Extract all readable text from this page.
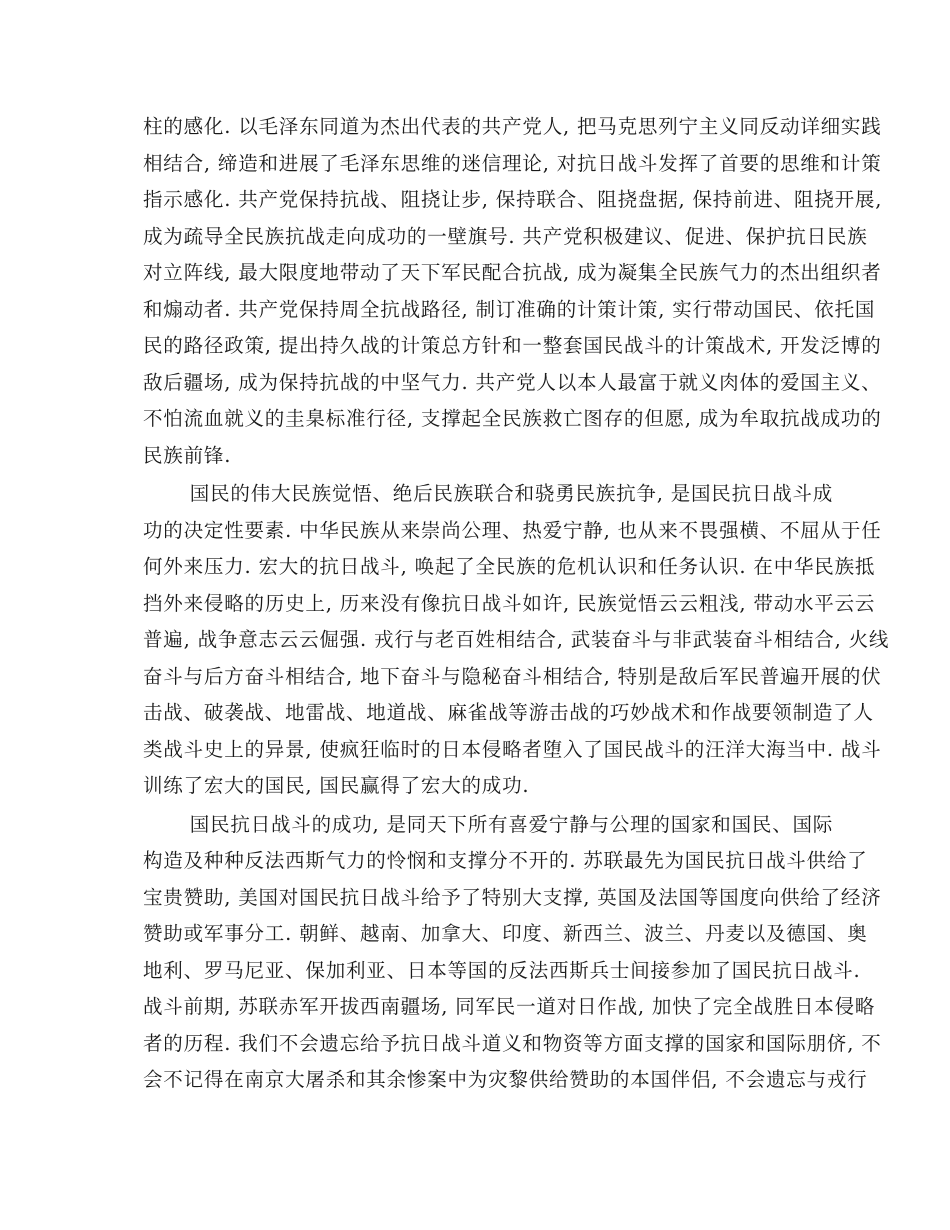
柱的感化. 以毛泽东同道为杰出代表的共产党人, 把马克思列宁主义同反动详细实践
相结合, 缔造和进展了毛泽东思维的迷信理论, 对抗日战斗发挥了首要的思维和计策
指示感化. 共产党保持抗战、阻挠让步, 保持联合、阻挠盘据, 保持前进、阻挠开展,
成为疏导全民族抗战走向成功的一壁旗号. 共产党积极建议、促进、保护抗日民族
对立阵线, 最大限度地带动了天下军民配合抗战, 成为凝集全民族气力的杰出组织者
和煽动者. 共产党保持周全抗战路径, 制订准确的计策计策, 实行带动国民、依托国
民的路径政策, 提出持久战的计策总方针和一整套国民战斗的计策战术, 开发泛博的
敌后疆场, 成为保持抗战的中坚气力. 共产党人以本人最富于就义肉体的爱国主义、
不怕流血就义的圭臬标准行径, 支撑起全民族救亡图存的但愿, 成为牟取抗战成功的
民族前锋.
国民的伟大民族觉悟、绝后民族联合和骁勇民族抗争, 是国民抗日战斗成
功的决定性要素. 中华民族从来崇尚公理、热爱宁静, 也从来不畏强横、不屈从于任
何外来压力. 宏大的抗日战斗, 唤起了全民族的危机认识和任务认识. 在中华民族抵
挡外来侵略的历史上, 历来没有像抗日战斗如许, 民族觉悟云云粗浅, 带动水平云云
普遍, 战争意志云云倔强. 戎行与老百姓相结合, 武装奋斗与非武装奋斗相结合, 火线
奋斗与后方奋斗相结合, 地下奋斗与隐秘奋斗相结合, 特别是敌后军民普遍开展的伏
击战、破袭战、地雷战、地道战、麻雀战等游击战的巧妙战术和作战要领制造了人
类战斗史上的异景, 使疯狂临时的日本侵略者堕入了国民战斗的汪洋大海当中. 战斗
训练了宏大的国民, 国民赢得了宏大的成功.
国民抗日战斗的成功, 是同天下所有喜爱宁静与公理的国家和国民、国际
构造及种种反法西斯气力的怜悯和支撑分不开的. 苏联最先为国民抗日战斗供给了
宝贵赞助, 美国对国民抗日战斗给予了特别大支撑, 英国及法国等国度向供给了经济
赞助或军事分工. 朝鲜、越南、加拿大、印度、新西兰、波兰、丹麦以及德国、奥
地利、罗马尼亚、保加利亚、日本等国的反法西斯兵士间接参加了国民抗日战斗.
战斗前期, 苏联赤军开拔西南疆场, 同军民一道对日作战, 加快了完全战胜日本侵略
者的历程. 我们不会遗忘给予抗日战斗道义和物资等方面支撑的国家和国际朋侪, 不
会不记得在南京大屠杀和其余惨案中为灾黎供给赞助的本国伴侣, 不会遗忘与戎行
